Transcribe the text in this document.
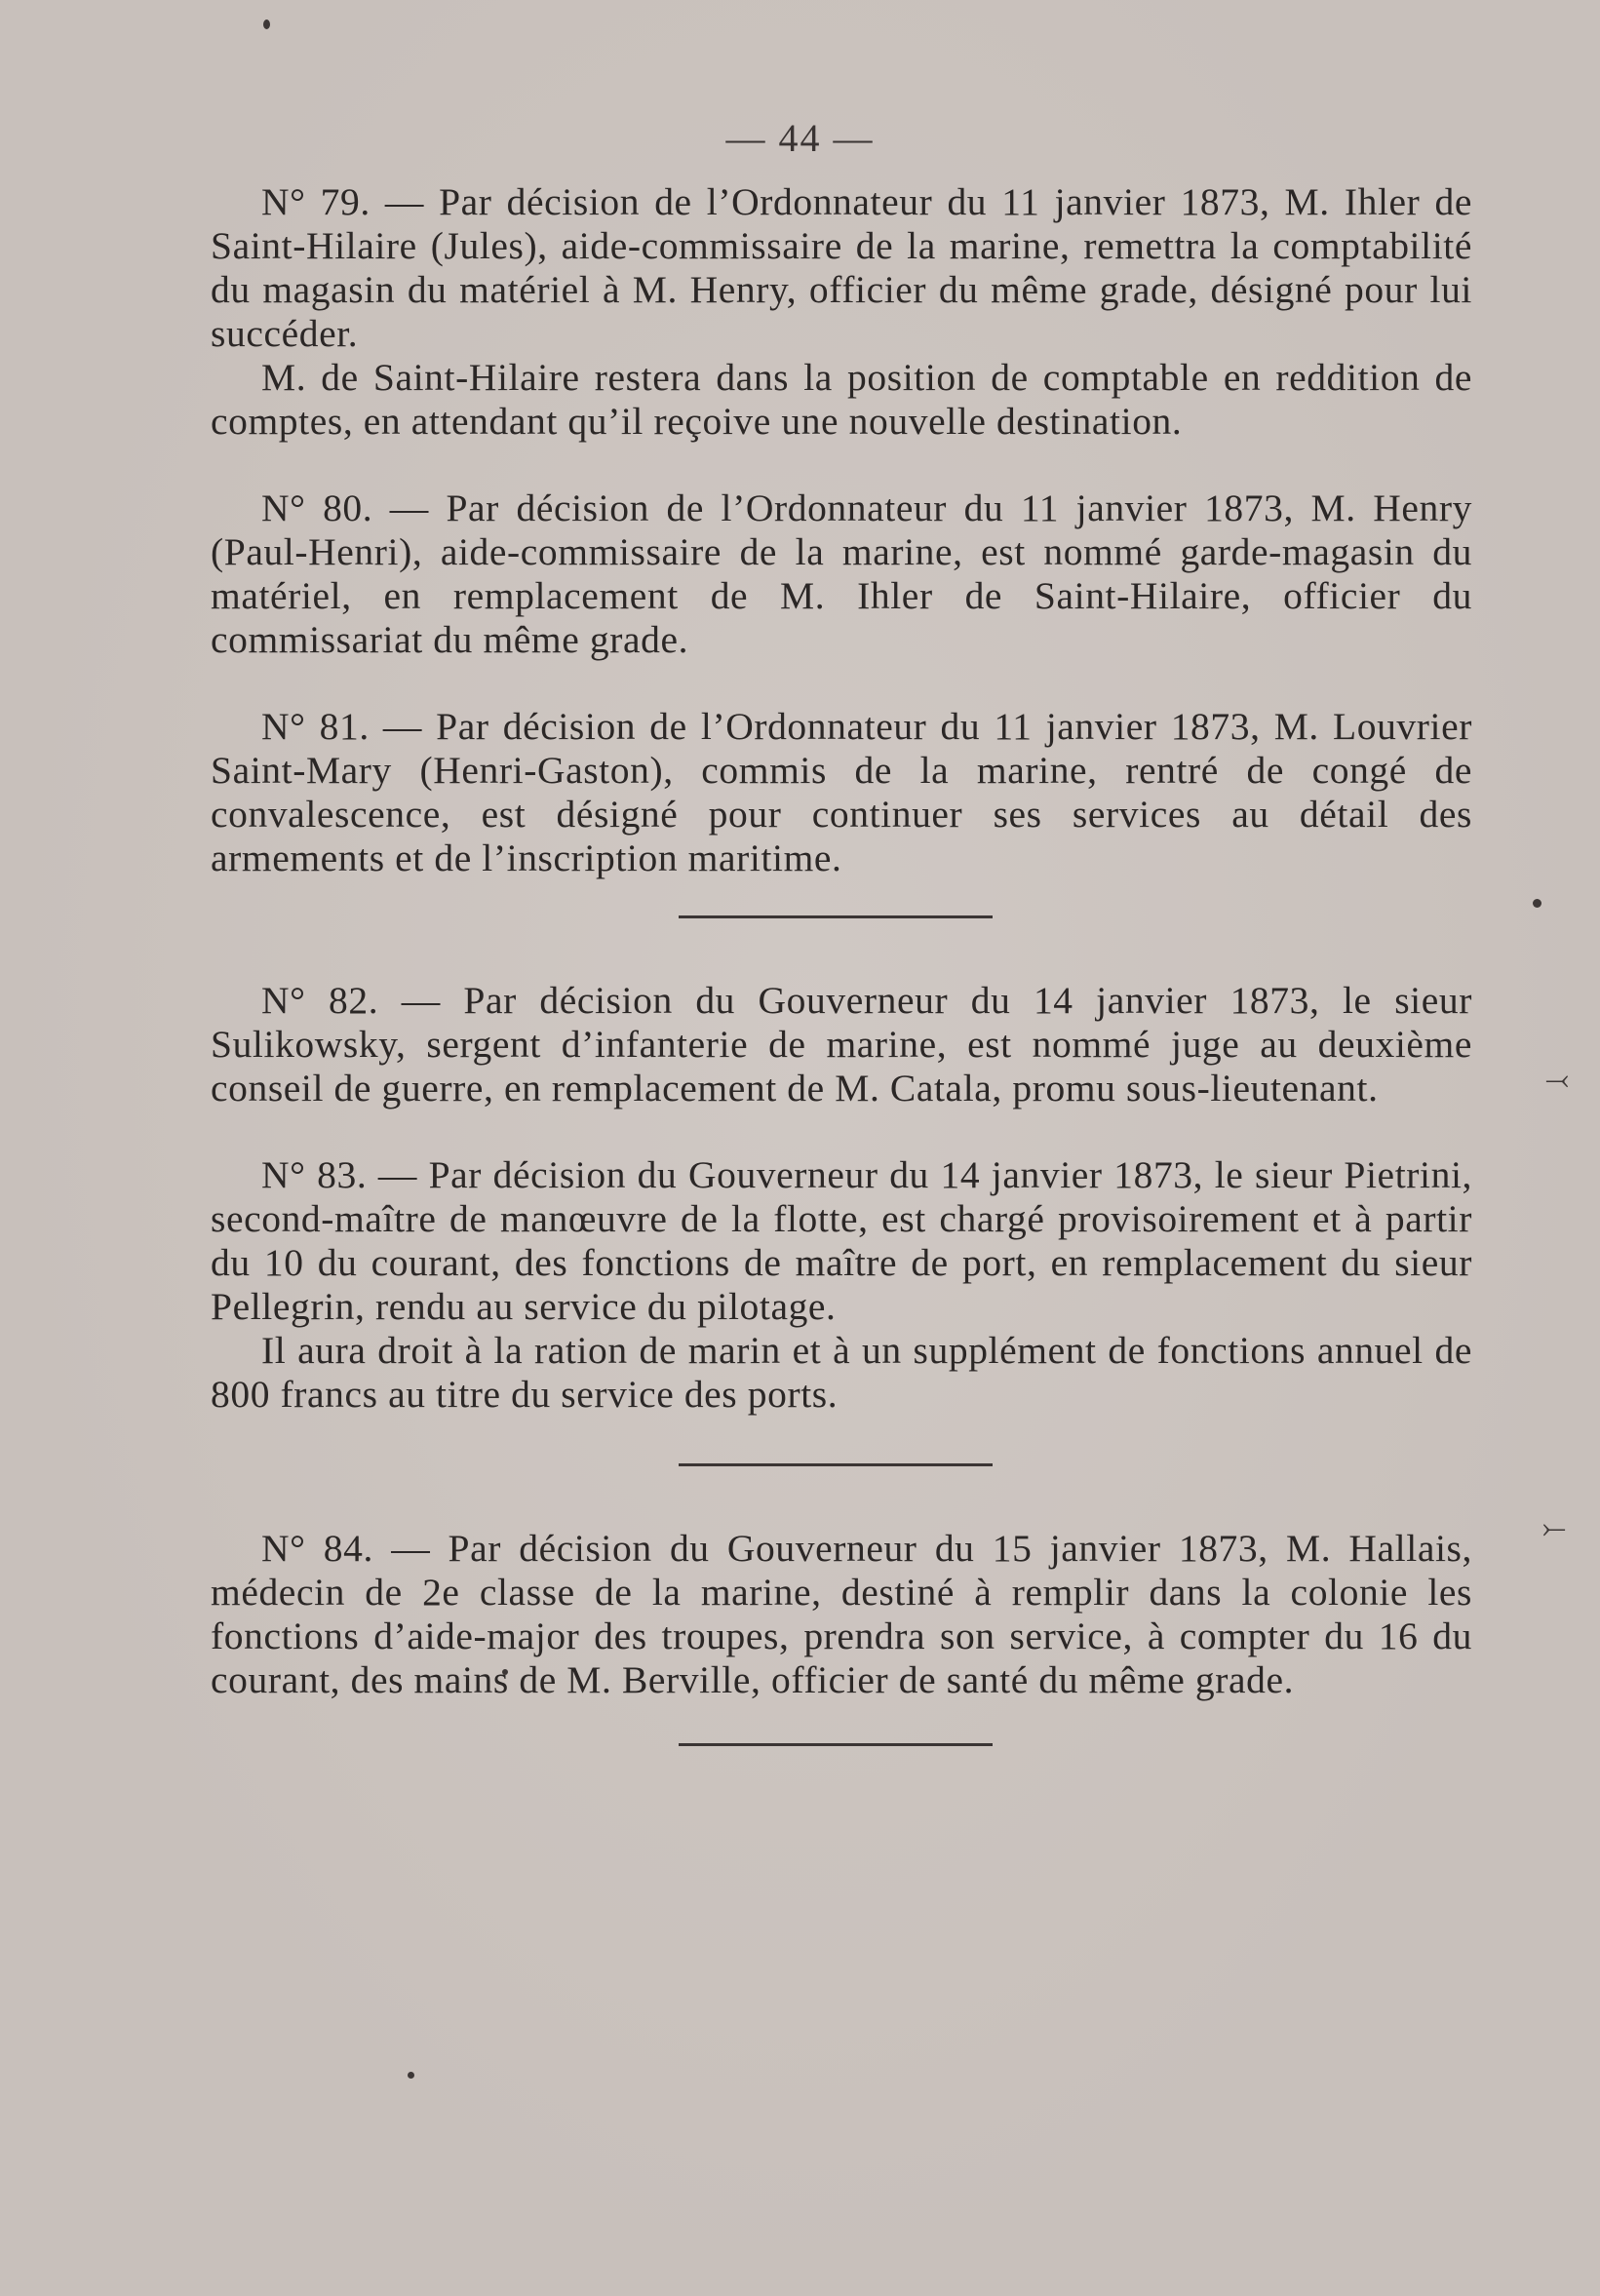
⤙
⤚
— 44 —

N° 79. — Par décision de l’Ordonnateur du 11 janvier 1873, M. Ihler de Saint-Hilaire (Jules), aide-commissaire de la marine, remettra la comptabilité du magasin du matériel à M. Henry, officier du même grade, désigné pour lui succéder.

M. de Saint-Hilaire restera dans la position de comptable en reddition de comptes, en attendant qu’il reçoive une nouvelle destination.

N° 80. — Par décision de l’Ordonnateur du 11 janvier 1873, M. Henry (Paul-Henri), aide-commissaire de la marine, est nommé garde-magasin du matériel, en remplacement de M. Ihler de Saint-Hilaire, officier du commissariat du même grade.

N° 81. — Par décision de l’Ordonnateur du 11 janvier 1873, M. Louvrier Saint-Mary (Henri-Gaston), commis de la marine, rentré de congé de convalescence, est désigné pour continuer ses services au détail des armements et de l’inscription maritime.

N° 82. — Par décision du Gouverneur du 14 janvier 1873, le sieur Sulikowsky, sergent d’infanterie de marine, est nommé juge au deuxième conseil de guerre, en remplacement de M. Catala, promu sous-lieutenant.

N° 83. — Par décision du Gouverneur du 14 janvier 1873, le sieur Pietrini, second-maître de manœuvre de la flotte, est chargé provisoirement et à partir du 10 du courant, des fonctions de maître de port, en remplacement du sieur Pellegrin, rendu au service du pilotage.

Il aura droit à la ration de marin et à un supplément de fonctions annuel de 800 francs au titre du service des ports.

N° 84. — Par décision du Gouverneur du 15 janvier 1873, M. Hallais, médecin de 2e classe de la marine, destiné à remplir dans la colonie les fonctions d’aide-major des troupes, prendra son service, à compter du 16 du courant, des mains de M. Berville, officier de santé du même grade.
